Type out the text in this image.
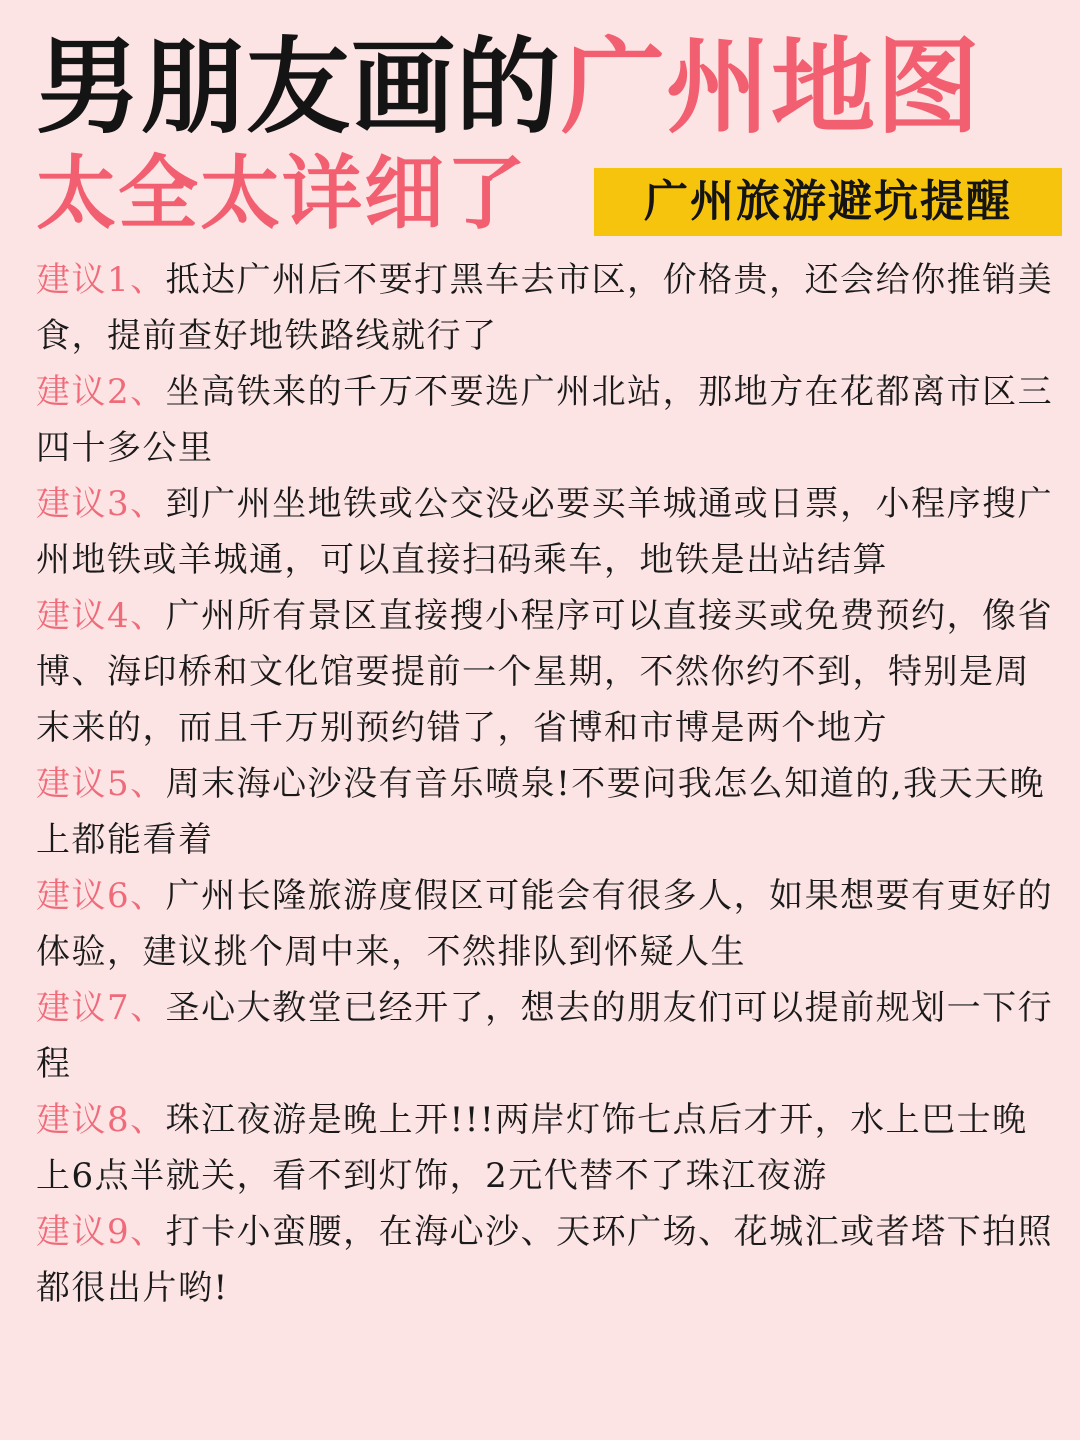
男朋友画的广州地图
太全太详细了	广州旅游避坑提醒
建议1、抵达广州后不要打黑车去市区，价格贵，还会给你推销美食，提前查好地铁路线就行了
建议2、坐高铁来的千万不要选广州北站，那地方在花都离市区三四十多公里
建议3、到广州坐地铁或公交没必要买羊城通或日票，小程序搜广州地铁或羊城通，可以直接扫码乘车，地铁是出站结算
建议4、广州所有景区直接搜小程序可以直接买或免费预约，像省博、海印桥和文化馆要提前一个星期，不然你约不到，特别是周末来的，而且千万别预约错了，省博和市博是两个地方
建议5、周末海心沙没有音乐喷泉!不要问我怎么知道的,我天天晚上都能看着
建议6、广州长隆旅游度假区可能会有很多人，如果想要有更好的体验，建议挑个周中来，不然排队到怀疑人生
建议7、圣心大教堂已经开了，想去的朋友们可以提前规划一下行程
建议8、珠江夜游是晚上开!!!两岸灯饰七点后才开，水上巴士晚上6点半就关，看不到灯饰，2元代替不了珠江夜游
建议9、打卡小蛮腰，在海心沙、天环广场、花城汇或者塔下拍照都很出片哟!
